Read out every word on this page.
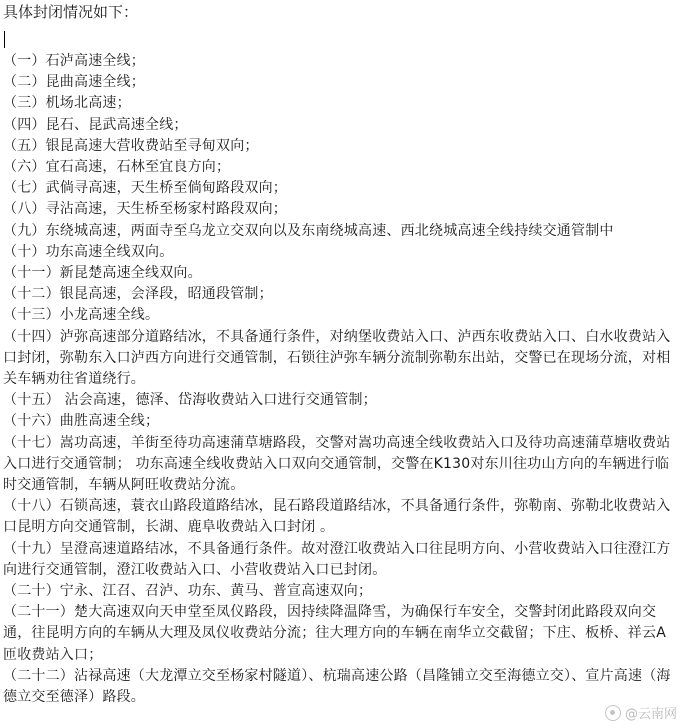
具体封闭情况如下：

（一）石泸高速全线；

（二）昆曲高速全线；

（三）机场北高速；

（四）昆石、昆武高速全线；

（五）银昆高速大营收费站至寻甸双向；

（六）宜石高速，石林至宜良方向；

（七）武倘寻高速，天生桥至倘甸路段双向；

（八）寻沾高速，天生桥至杨家村路段双向；

（九）东绕城高速，两面寺至乌龙立交双向以及东南绕城高速、西北绕城高速全线持续交通管制中

（十）功东高速全线双向。

（十一）新昆楚高速全线双向。

（十二）银昆高速，会泽段，昭通段管制；

（十三）小龙高速全线。

（十四）泸弥高速部分道路结冰，不具备通行条件，对纳堡收费站入口、泸西东收费站入口、白水收费站入口封闭，弥勒东入口泸西方向进行交通管制，石锁往泸弥车辆分流制弥勒东出站，交警已在现场分流，对相关车辆劝往省道绕行。

（十五） 沾会高速，德泽、岱海收费站入口进行交通管制；

（十六）曲胜高速全线；

（十七）嵩功高速，羊街至待功高速蒲草塘路段，交警对嵩功高速全线收费站入口及待功高速蒲草塘收费站入口进行交通管制； 功东高速全线收费站入口双向交通管制，交警在K130对东川往功山方向的车辆进行临时交通管制，车辆从阿旺收费站分流。

（十八）石锁高速，蓑衣山路段道路结冰，昆石路段道路结冰，不具备通行条件，弥勒南、弥勒北收费站入口昆明方向交通管制，长湖、鹿阜收费站入口封闭 。

（十九）呈澄高速道路结冰，不具备通行条件。故对澄江收费站入口往昆明方向、小营收费站入口往澄江方向进行交通管制，澄江收费站入口、小营收费站入口已封闭。

（二十）宁永、江召、召泸、功东、黄马、普宣高速双向；

（二十一）楚大高速双向天申堂至凤仪路段，因持续降温降雪，为确保行车安全，交警封闭此路段双向交通，往昆明方向的车辆从大理及凤仪收费站分流；往大理方向的车辆在南华立交截留；下庄、板桥、祥云A匝收费站入口；

（二十二）沾禄高速（大龙潭立交至杨家村隧道）、杭瑞高速公路（昌隆铺立交至海德立交）、宣片高速（海德立交至德泽）路段。

@云南网
